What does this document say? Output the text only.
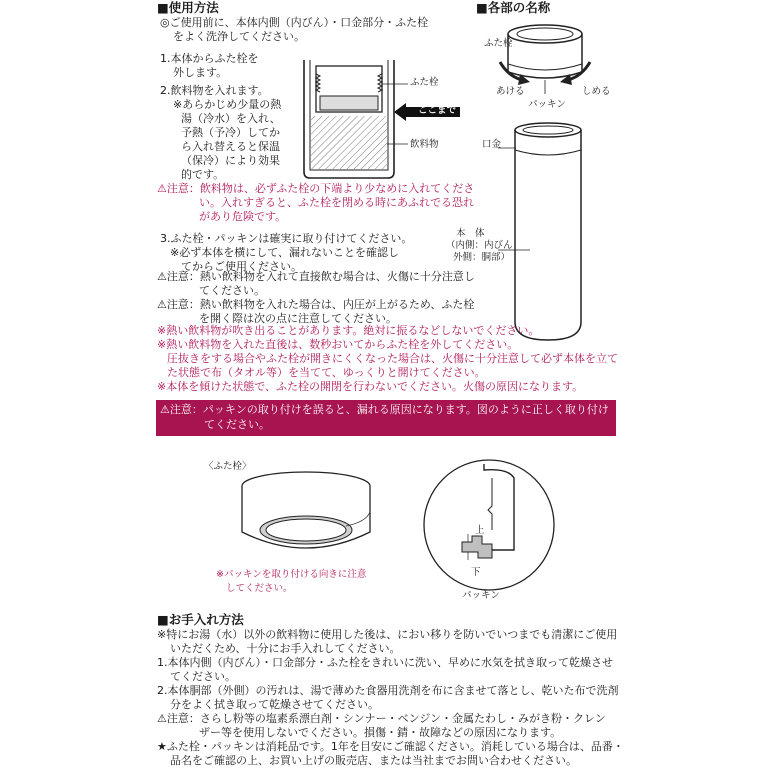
■使用方法
◎ご使用前に、本体内側（内びん）・口金部分・ふた栓
をよく洗浄してください。
1.本体からふた栓を
外します。
2.飲料物を入れます。
※あらかじめ少量の熱
湯（冷水）を入れ、
予熱（予冷）してか
ら入れ替えると保温
（保冷）により効果
的です。
⚠注意：飲料物は、必ずふた栓の下端より少なめに入れてくださ
い。入れすぎると、ふた栓を閉める時にあふれでる恐れ
があり危険です。
ふた栓
ここまで
飲料物
3.ふた栓・パッキンは確実に取り付けてください。
※必ず本体を横にして、漏れないことを確認し
てからご使用ください。
⚠注意：熱い飲料物を入れて直接飲む場合は、火傷に十分注意し
てください。
⚠注意：熱い飲料物を入れた場合は、内圧が上がるため、ふた栓
を開く際は次の点に注意してください。
※熱い飲料物が吹き出ることがあります。絶対に振るなどしないでください。
※熱い飲料物を入れた直後は、数秒おいてからふた栓を外してください。
圧抜きをする場合やふた栓が開きにくくなった場合は、火傷に十分注意して必ず本体を立て
た状態で布（タオル等）を当てて、ゆっくりと開けてください。
※本体を傾けた状態で、ふた栓の開閉を行わないでください。火傷の原因になります。
■各部の名称
ふた栓
あける	しめる
パッキン
口金
本　体
（内側：内びん
外側：胴部）
⚠注意：パッキンの取り付けを誤ると、漏れる原因になります。図のように正しく取り付け
てください。
〈ふた栓〉
上
下
パッキン
※パッキンを取り付ける向きに注意
してください。
■お手入れ方法
※特にお湯（水）以外の飲料物に使用した後は、におい移りを防いでいつまでも清潔にご使用
いただくため、十分にお手入れしてください。
1.本体内側（内びん）・口金部分・ふた栓をきれいに洗い、早めに水気を拭き取って乾燥させ
てください。
2.本体胴部（外側）の汚れは、湯で薄めた食器用洗剤を布に含ませて落とし、乾いた布で洗剤
分をよく拭き取って乾燥させてください。
⚠注意：さらし粉等の塩素系漂白剤・シンナー・ベンジン・金属たわし・みがき粉・クレン
ザー等を使用しないでください。損傷・錆・故障などの原因になります。
★ふた栓・パッキンは消耗品です。1年を目安にご確認ください。消耗している場合は、品番・
品名をご確認の上、お買い上げの販売店、または当社までお問い合わせください。
